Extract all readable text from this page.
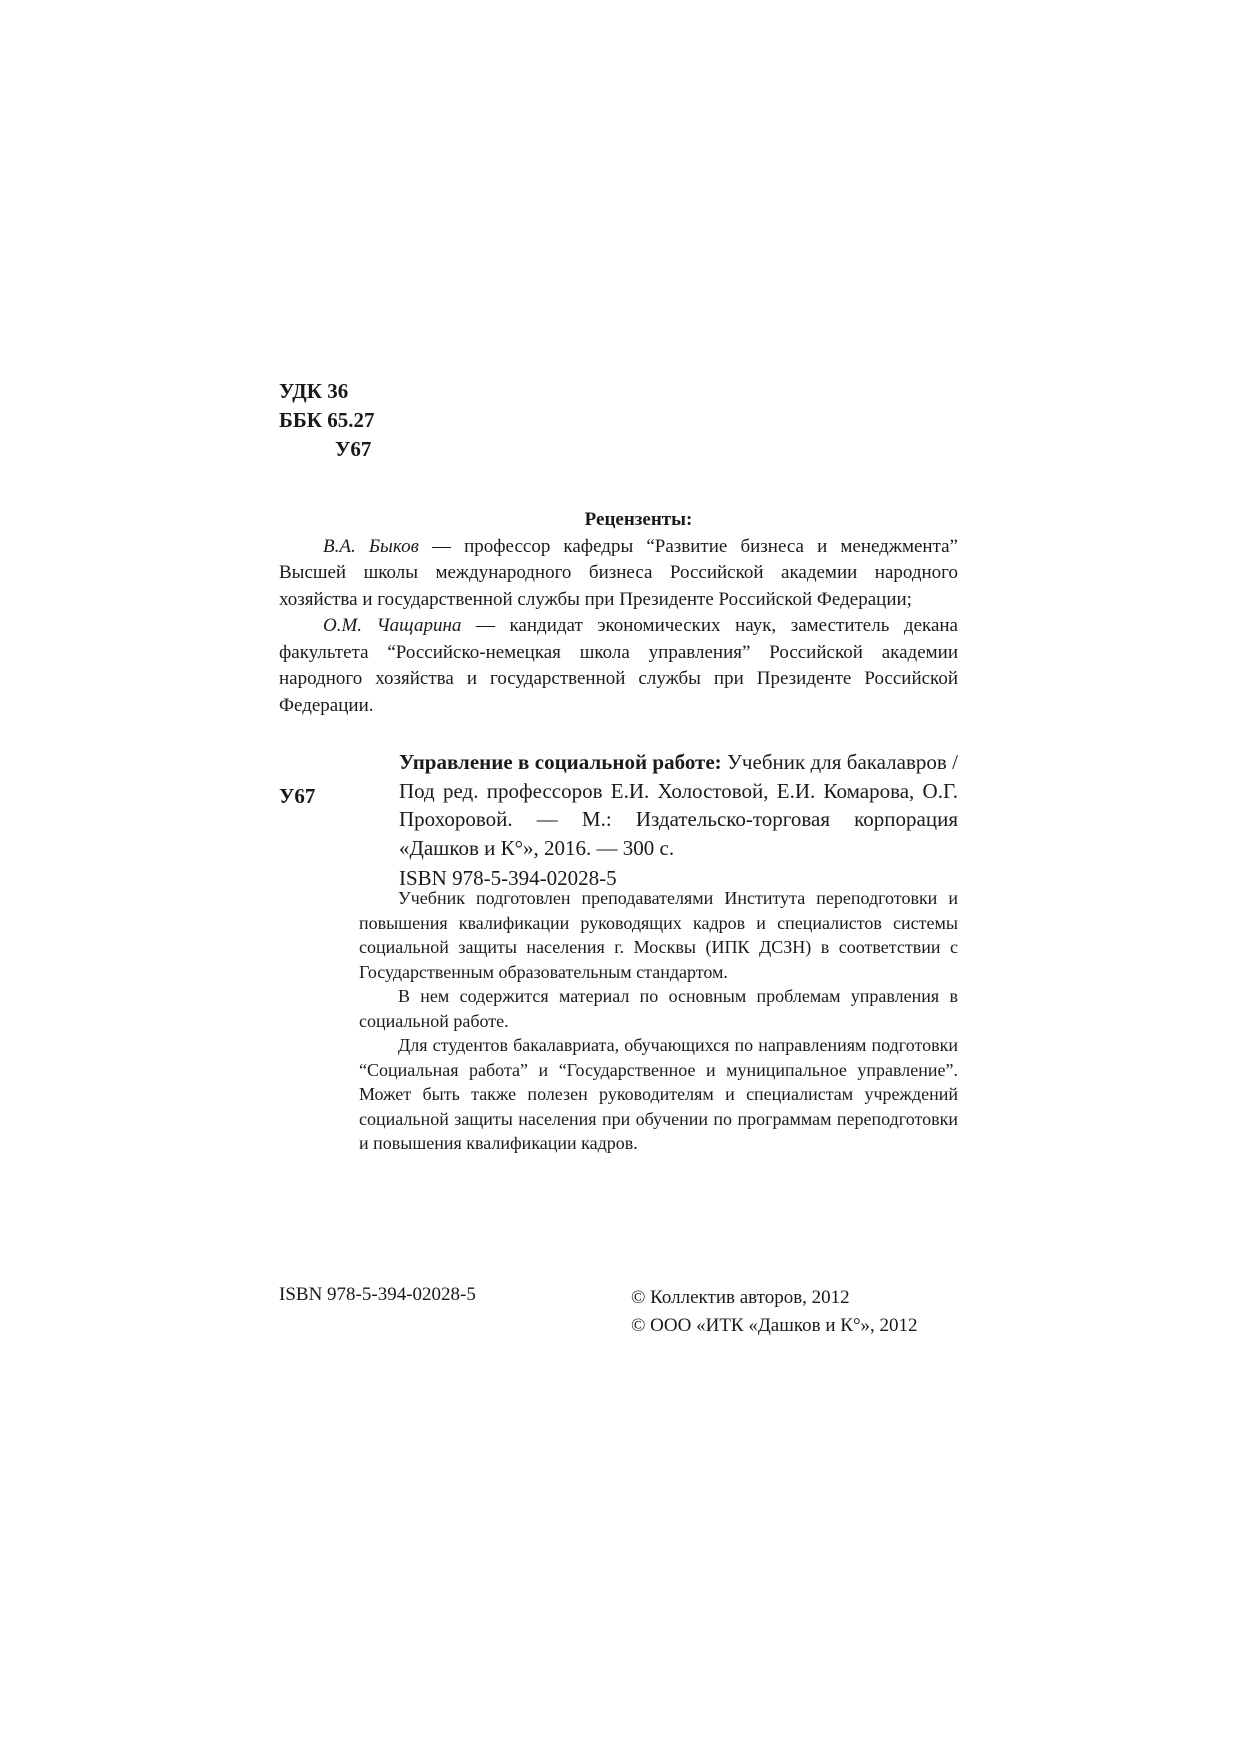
УДК 36
ББК 65.27
У67
Рецензенты:

В.А. Быков — профессор кафедры “Развитие бизнеса и менеджмента” Высшей школы международного бизнеса Российской академии народного хозяйства и государственной службы при Президенте Российской Федерации;

О.М. Чащарина — кандидат экономических наук, заместитель декана факультета “Российско-немецкая школа управления” Российской академии народного хозяйства и государственной службы при Президенте Российской Федерации.

У67

Управление в социальной работе: Учебник для бакалавров / Под ред. профессоров Е.И. Холостовой, Е.И. Комарова, О.Г. Прохоровой. — М.: Издательско-торговая корпорация «Дашков и К°», 2016. — 300 с.

ISBN 978-5-394-02028-5

Учебник подготовлен преподавателями Института переподготовки и повышения квалификации руководящих кадров и специалистов системы социальной защиты населения г. Москвы (ИПК ДСЗН) в соответствии с Государственным образовательным стандартом.

В нем содержится материал по основным проблемам управления в социальной работе.

Для студентов бакалавриата, обучающихся по направлениям подготовки “Социальная работа” и “Государственное и муниципальное управление”. Может быть также полезен руководителям и специалистам учреждений социальной защиты населения при обучении по программам переподготовки и повышения квалификации кадров.

ISBN 978-5-394-02028-5	© Коллектив авторов, 2012
© ООО «ИТК «Дашков и К°», 2012
